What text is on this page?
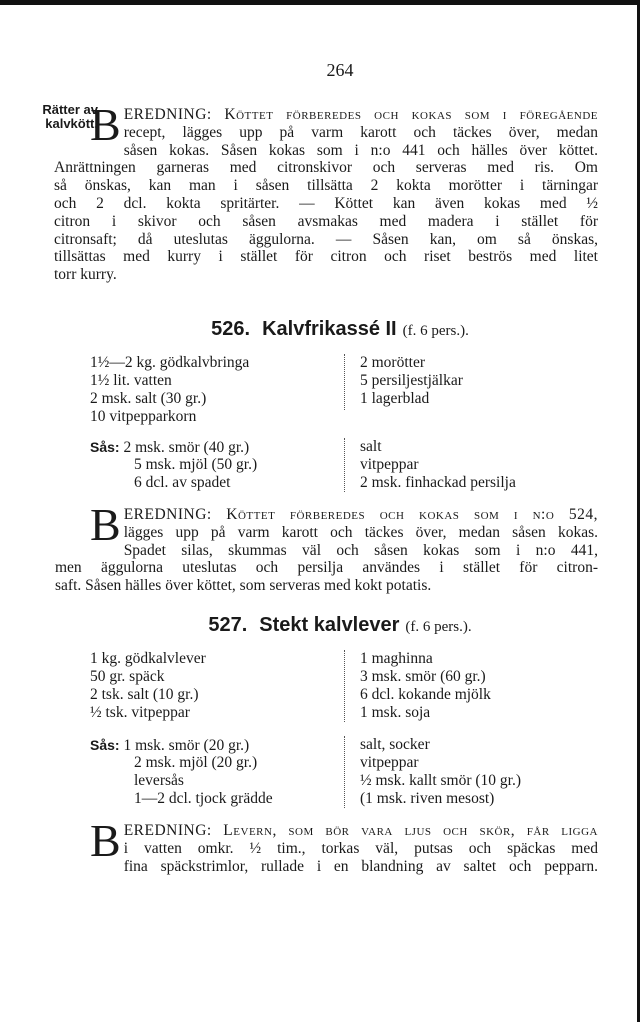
264
Rätter av
kalvkött.
B EREDNING: Köttet förberedes och kokas som i föregående
recept, lägges upp på varm karott och täckes över, medan
såsen kokas. Såsen kokas som i n:o 441 och hälles över köttet.
Anrättningen garneras med citronskivor och serveras med ris. Om
så önskas, kan man i såsen tillsätta 2 kokta morötter i tärningar
och 2 dcl. kokta spritärter. — Köttet kan även kokas med ½
citron i skivor och såsen avsmakas med madera i stället för
citronsaft; då uteslutas äggulorna. — Såsen kan, om så önskas,
tillsättas med kurry i stället för citron och riset beströs med litet
torr kurry.
526. Kalvfrikassé II (f. 6 pers.).
1½—2 kg. gödkalvbringa
1½ lit. vatten
2 msk. salt (30 gr.)
10 vitpepparkorn
2 morötter
5 persiljestjälkar
1 lagerblad
Sås: 2 msk. smör (40 gr.)
5 msk. mjöl (50 gr.)
6 dcl. av spadet
salt
vitpeppar
2 msk. finhackad persilja
B EREDNING: Köttet förberedes och kokas som i n:o 524,
lägges upp på varm karott och täckes över, medan såsen kokas.
Spadet silas, skummas väl och såsen kokas som i n:o 441,
men äggulorna uteslutas och persilja användes i stället för citron-
saft. Såsen hälles över köttet, som serveras med kokt potatis.
527. Stekt kalvlever (f. 6 pers.).
1 kg. gödkalvlever
50 gr. späck
2 tsk. salt (10 gr.)
½ tsk. vitpeppar
1 maghinna
3 msk. smör (60 gr.)
6 dcl. kokande mjölk
1 msk. soja
Sås: 1 msk. smör (20 gr.)
2 msk. mjöl (20 gr.)
leversås
1—2 dcl. tjock grädde
salt, socker
vitpeppar
½ msk. kallt smör (10 gr.)
(1 msk. riven mesost)
B EREDNING: Levern, som bör vara ljus och skör, får ligga
i vatten omkr. ½ tim., torkas väl, putsas och späckas med
fina späckstrimlor, rullade i en blandning av saltet och pepparn.
